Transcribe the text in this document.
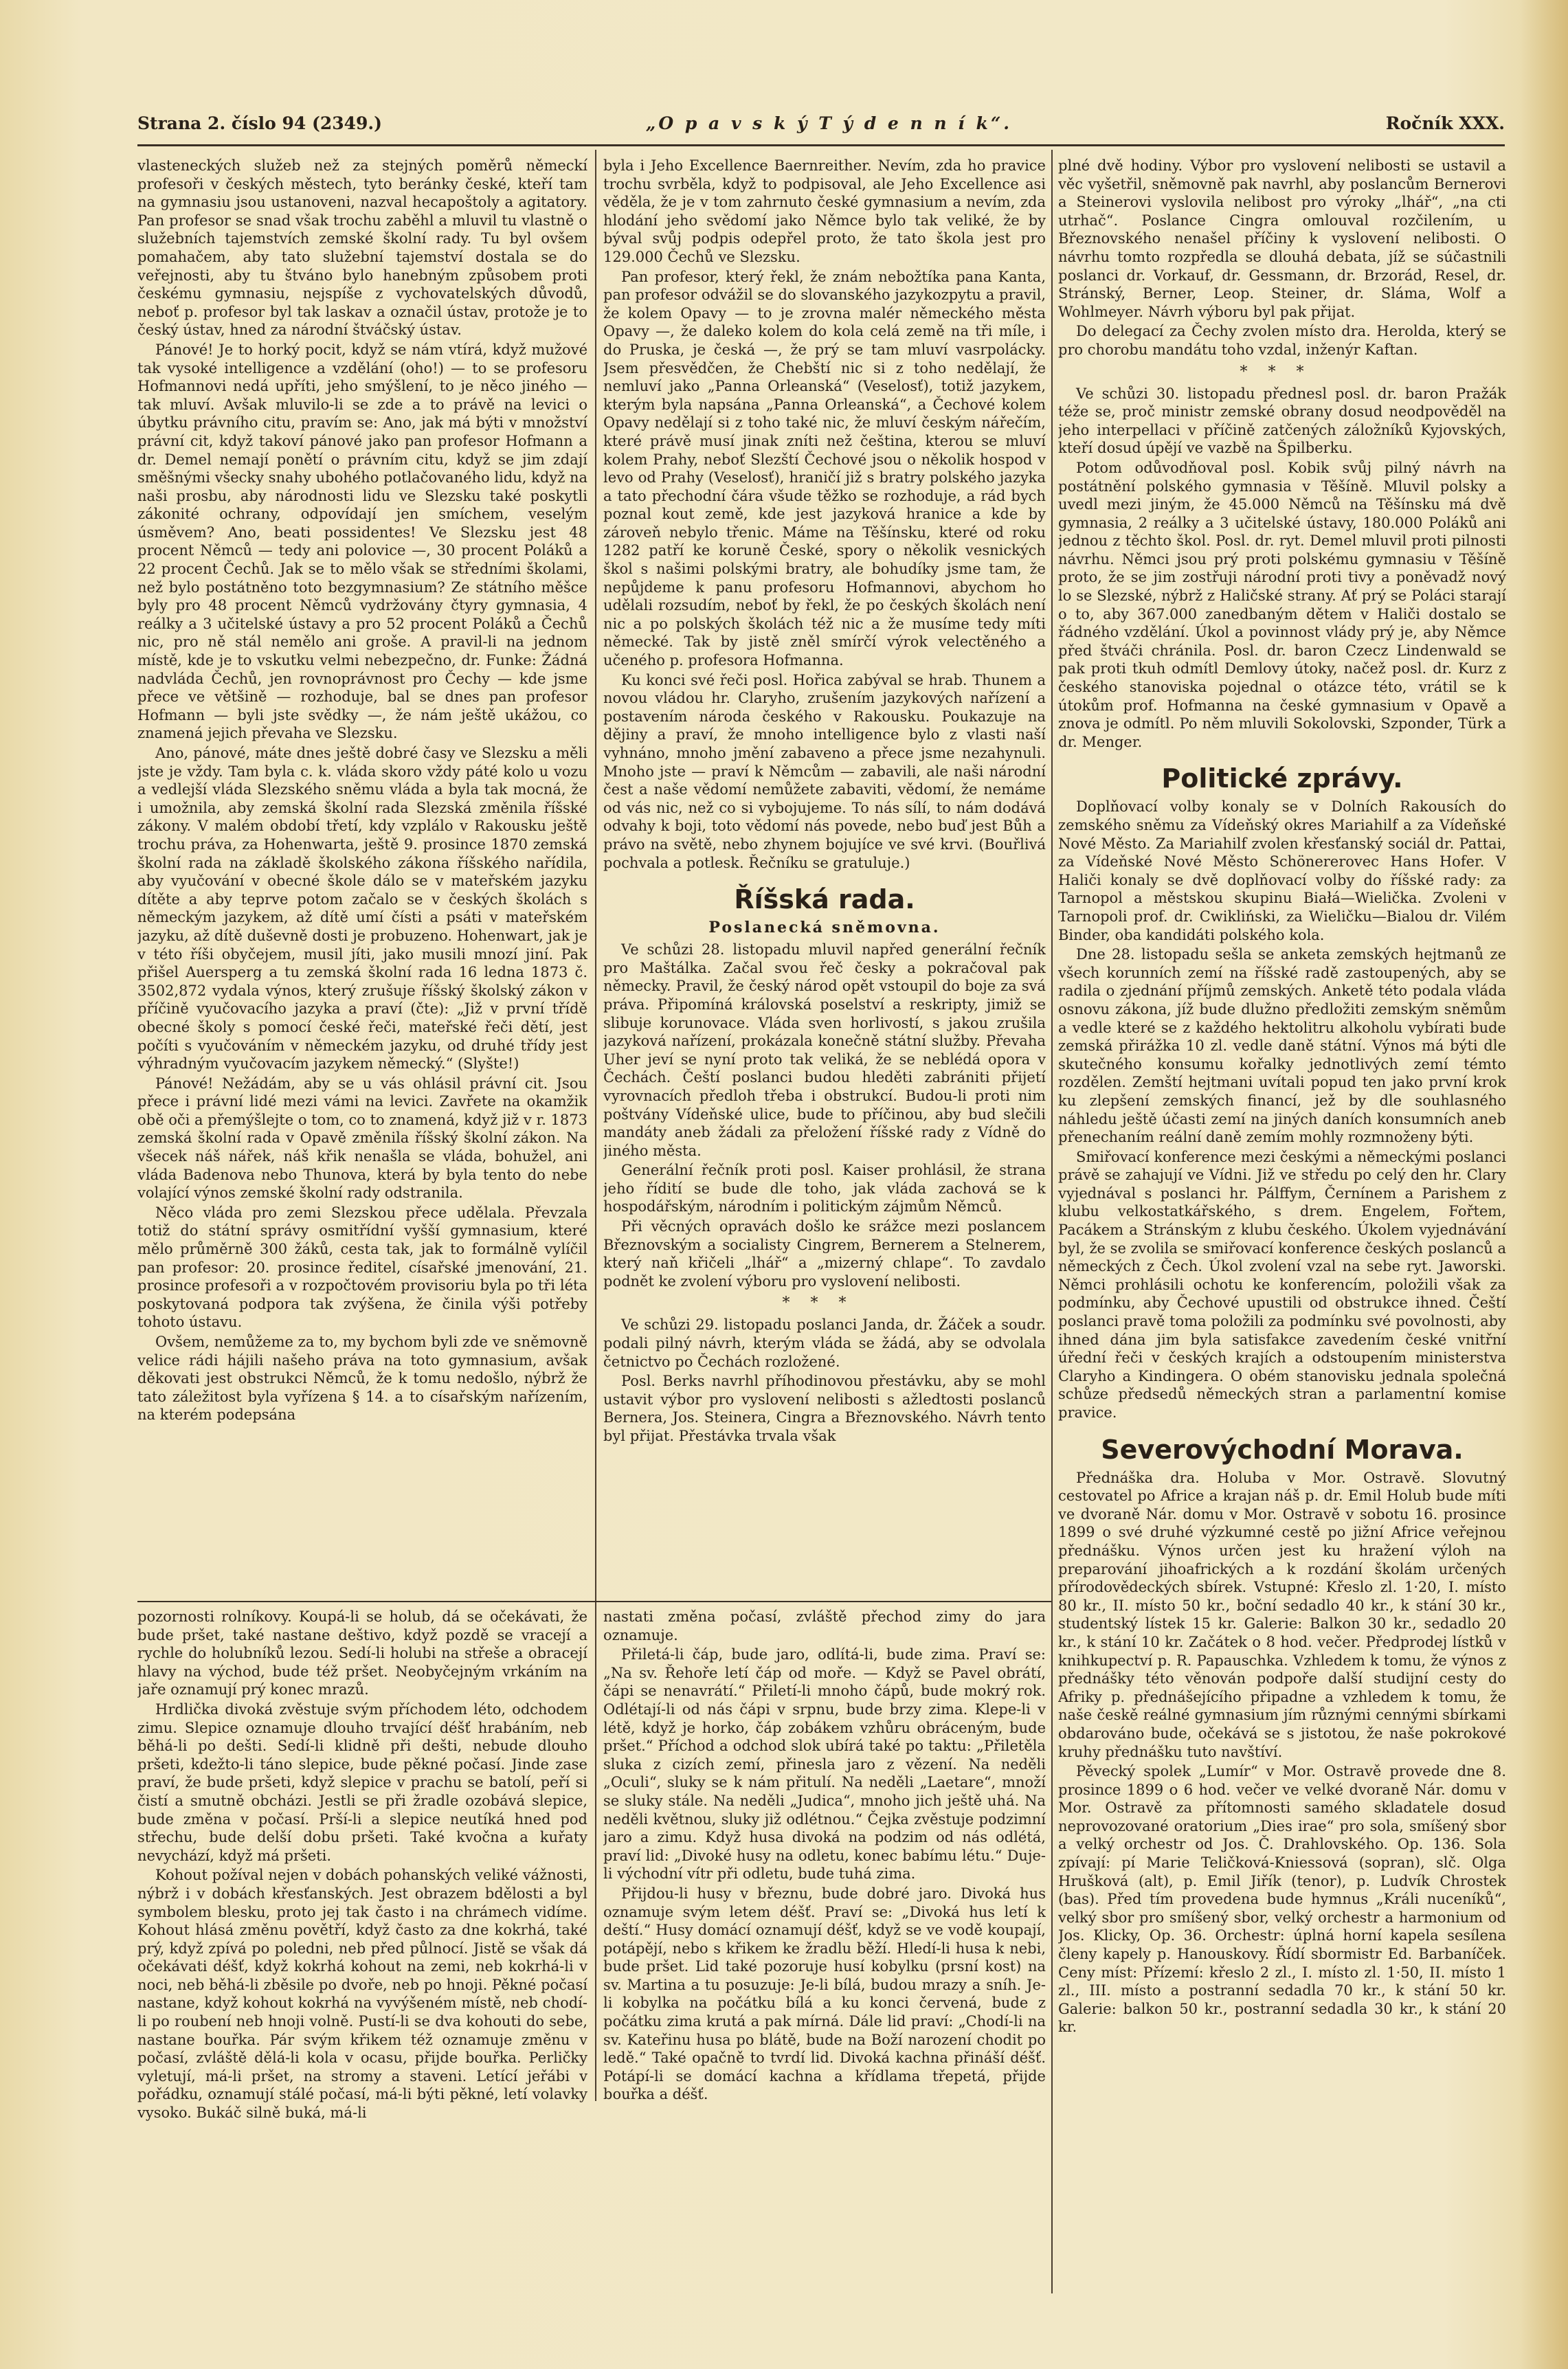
Strana 2. číslo 94 (2349.)	„O p a v s k ý T ý d e n n í k“.	Ročník XXX.

vlasteneckých služeb než za stejných poměrů německí profesoři v českých městech, tyto beránky české, kteří tam na gymnasiu jsou ustanoveni, nazval hecapoštoly a agitatory. Pan profesor se snad však trochu zaběhl a mluvil tu vlastně o služebních tajemstvích zemské školní rady. Tu byl ovšem pomahačem, aby tato služební tajemství dostala se do veřejnosti, aby tu štváno bylo hanebným způsobem proti českému gymnasiu, nejspíše z vychovatelských důvodů, neboť p. profesor byl tak laskav a označil ústav, protože je to český ústav, hned za národní štváčský ústav.

Pánové! Je to horký pocit, když se nám vtírá, když mužové tak vysoké intelligence a vzdělání (oho!) — to se profesoru Hofmannovi nedá upříti, jeho smýšlení, to je něco jiného — tak mluví. Avšak mluvilo-li se zde a to právě na levici o úbytku právního citu, pravím se: Ano, jak má býti v množství právní cit, když takoví pánové jako pan profesor Hofmann a dr. Demel nemají ponětí o právním citu, když se jim zdají směšnými všecky snahy ubohého potlačovaného lidu, když na naši prosbu, aby národnosti lidu ve Slezsku také poskytli zákonité ochrany, odpovídají jen smíchem, veselým úsměvem? Ano, beati possidentes! Ve Slezsku jest 48 procent Němců — tedy ani polovice —, 30 procent Poláků a 22 procent Čechů. Jak se to mělo však se středními školami, než bylo postátněno toto bezgymnasium? Ze státního měšce byly pro 48 procent Němců vydržovány čtyry gymnasia, 4 reálky a 3 učitelské ústavy a pro 52 procent Poláků a Čechů nic, pro ně stál nemělo ani groše. A pravil-li na jednom místě, kde je to vskutku velmi nebezpečno, dr. Funke: Žádná nadvláda Čechů, jen rovnoprávnost pro Čechy — kde jsme přece ve většině — rozhoduje, bal se dnes pan profesor Hofmann — byli jste svědky —, že nám ještě ukážou, co znamená jejich převaha ve Slezsku.

Ano, pánové, máte dnes ještě dobré časy ve Slezsku a měli jste je vždy. Tam byla c. k. vláda skoro vždy páté kolo u vozu a vedlejší vláda Slezského sněmu vláda a byla tak mocná, že i umožnila, aby zemská školní rada Slezská změnila říšské zákony. V malém období třetí, kdy vzplálo v Rakousku ještě trochu práva, za Hohenwarta, ještě 9. prosince 1870 zemská školní rada na základě školského zákona říšského nařídila, aby vyučování v obecné škole dálo se v mateřském jazyku dítěte a aby teprve potom začalo se v českých školách s německým jazykem, až dítě umí čísti a psáti v mateřském jazyku, až dítě duševně dosti je probuzeno. Hohenwart, jak je v této říši obyčejem, musil jíti, jako musili mnozí jiní. Pak přišel Auersperg a tu zemská školní rada 16 ledna 1873 č. 3502,872 vydala výnos, který zrušuje říšský školský zákon v příčině vyučovacího jazyka a praví (čte): „Již v první třídě obecné školy s pomocí české řeči, mateřské řeči dětí, jest počíti s vyučováním v německém jazyku, od druhé třídy jest výhradným vyučovacím jazykem německý.“ (Slyšte!)

Pánové! Nežádám, aby se u vás ohlásil právní cit. Jsou přece i právní lidé mezi vámi na levici. Zavřete na okamžik obě oči a přemýšlejte o tom, co to znamená, když již v r. 1873 zemská školní rada v Opavě změnila říšský školní zákon. Na všecek náš nářek, náš křik nenašla se vláda, bohužel, ani vláda Badenova nebo Thunova, která by byla tento do nebe volající výnos zemské školní rady odstranila.

Něco vláda pro zemi Slezskou přece udělala. Převzala totiž do státní správy osmitřídní vyšší gymnasium, které mělo průměrně 300 žáků, cesta tak, jak to formálně vylíčil pan profesor: 20. prosince ředitel, císařské jmenování, 21. prosince profesoři a v rozpočtovém provisoriu byla po tři léta poskytovaná podpora tak zvýšena, že činila výši potřeby tohoto ústavu.

Ovšem, nemůžeme za to, my bychom byli zde ve sněmovně velice rádi hájili našeho práva na toto gymnasium, avšak děkovati jest obstrukci Němců, že k tomu nedošlo, nýbrž že tato záležitost byla vyřízena § 14. a to císařským nařízením, na kterém podepsána

byla i Jeho Excellence Baernreither. Nevím, zda ho pravice trochu svrběla, když to podpisoval, ale Jeho Excellence asi věděla, že je v tom zahrnuto české gymnasium a nevím, zda hlodání jeho svědomí jako Němce bylo tak veliké, že by býval svůj podpis odepřel proto, že tato škola jest pro 129.000 Čechů ve Slezsku.

Pan profesor, který řekl, že znám nebožtíka pana Kanta, pan profesor odvážil se do slovanského jazykozpytu a pravil, že kolem Opavy — to je zrovna malér německého města Opavy —, že daleko kolem do kola celá země na tři míle, i do Pruska, je česká —, že prý se tam mluví vasrpolácky. Jsem přesvědčen, že Chebští nic si z toho nedělají, že nemluví jako „Panna Orleanská“ (Veselosť), totiž jazykem, kterým byla napsána „Panna Orleanská“, a Čechové kolem Opavy nedělají si z toho také nic, že mluví českým nářečím, které právě musí jinak zníti než čeština, kterou se mluví kolem Prahy, neboť Slezští Čechové jsou o několik hospod v levo od Prahy (Veselosť), hraničí již s bratry polského jazyka a tato přechodní čára všude těžko se rozhoduje, a rád bych poznal kout země, kde jest jazyková hranice a kde by zároveň nebylo třenic. Máme na Těšínsku, které od roku 1282 patří ke koruně České, spory o několik vesnických škol s našimi polskými bratry, ale bohudíky jsme tam, že nepůjdeme k panu profesoru Hofmannovi, abychom ho udělali rozsudím, neboť by řekl, že po českých školách není nic a po polských školách též nic a že musíme tedy míti německé. Tak by jistě zněl smírčí výrok velectěného a učeného p. profesora Hofmanna.

Ku konci své řeči posl. Hořica zabýval se hrab. Thunem a novou vládou hr. Claryho, zrušením jazykových nařízení a postavením národa českého v Rakousku. Poukazuje na dějiny a praví, že mnoho intelligence bylo z vlasti naší vyhnáno, mnoho jmění zabaveno a přece jsme nezahynuli. Mnoho jste — praví k Němcům — zabavili, ale naši národní čest a naše vědomí nemůžete zabaviti, vědomí, že nemáme od vás nic, než co si vybojujeme. To nás sílí, to nám dodává odvahy k boji, toto vědomí nás povede, nebo buď jest Bůh a právo na světě, nebo zhynem bojujíce ve své krvi. (Bouřlivá pochvala a potlesk. Řečníku se gratuluje.)

Říšská rada.
Poslanecká sněmovna.

Ve schůzi 28. listopadu mluvil napřed generální řečník pro Maštálka. Začal svou řeč česky a pokračoval pak německy. Pravil, že český národ opět vstoupil do boje za svá práva. Připomíná královská poselství a reskripty, jimiž se slibuje korunovace. Vláda sven horlivostí, s jakou zrušila jazyková nařízení, prokázala konečně státní služby. Převaha Uher jeví se nyní proto tak veliká, že se neblédá opora v Čechách. Čeští poslanci budou hleděti zabrániti přijetí vyrovnacích předloh třeba i obstrukcí. Budou-li proti nim poštvány Vídeňské ulice, bude to příčinou, aby bud slečili mandáty aneb žádali za přeložení říšské rady z Vídně do jiného města.

Generální řečník proti posl. Kaiser prohlásil, že strana jeho řídití se bude dle toho, jak vláda zachová se k hospodářským, národním i politickým zájmům Němců.

Při věcných opravách došlo ke srážce mezi poslancem Březnovským a socialisty Cingrem, Bernerem a Stelnerem, který naň křičeli „lhář“ a „mizerný chlape“. To zavdalo podnět ke zvolení výboru pro vyslovení nelibosti.

***

Ve schůzi 29. listopadu poslanci Janda, dr. Žáček a soudr. podali pilný návrh, kterým vláda se žádá, aby se odvolala četnictvo po Čechách rozložené.

Posl. Berks navrhl příhodinovou přestávku, aby se mohl ustavit výbor pro vyslovení nelibosti s ažledtosti poslanců Bernera, Jos. Steinera, Cingra a Březnovského. Návrh tento byl přijat. Přestávka trvala však

plné dvě hodiny. Výbor pro vyslovení nelibosti se ustavil a věc vyšetřil, sněmovně pak navrhl, aby poslancům Bernerovi a Steinerovi vyslovila nelibost pro výroky „lhář“, „na cti utrhač“. Poslance Cingra omlouval rozčilením, u Březnovského nenašel příčiny k vyslovení nelibosti. O návrhu tomto rozpředla se dlouhá debata, jíž se súčastnili poslanci dr. Vorkauf, dr. Gessmann, dr. Brzorád, Resel, dr. Stránský, Berner, Leop. Steiner, dr. Sláma, Wolf a Wohlmeyer. Návrh výboru byl pak přijat.

Do delegací za Čechy zvolen místo dra. Herolda, který se pro chorobu mandátu toho vzdal, inženýr Kaftan.

***

Ve schůzi 30. listopadu přednesl posl. dr. baron Pražák téže se, proč ministr zemské obrany dosud neodpověděl na jeho interpellaci v příčině zatčených záložníků Kyjovských, kteří dosud úpějí ve vazbě na Špilberku.

Potom odůvodňoval posl. Kobik svůj pilný návrh na postátnění polského gymnasia v Těšíně. Mluvil polsky a uvedl mezi jiným, že 45.000 Němců na Těšínsku má dvě gymnasia, 2 reálky a 3 učitelské ústavy, 180.000 Poláků ani jednou z těchto škol. Posl. dr. ryt. Demel mluvil proti pilnosti návrhu. Němci jsou prý proti polskému gymnasiu v Těšíně proto, že se jim zostřuji národní proti tivy a poněvadž nový lo se Slezské, nýbrž z Haličské strany. Ať prý se Poláci starají o to, aby 367.000 zanedbaným dětem v Haliči dostalo se řádného vzdělání. Úkol a povinnost vlády prý je, aby Němce před štváči chránila. Posl. dr. baron Czecz Lindenwald se pak proti tkuh odmítl Demlovy útoky, načež posl. dr. Kurz z českého stanoviska pojednal o otázce této, vrátil se k útokům prof. Hofmanna na české gymnasium v Opavě a znova je odmítl. Po něm mluvili Sokolovski, Szponder, Türk a dr. Menger.

Politické zprávy.

Doplňovací volby konaly se v Dolních Rakousích do zemského sněmu za Vídeňský okres Mariahilf a za Vídeňské Nové Město. Za Mariahilf zvolen křesťanský sociál dr. Pattai, za Vídeňské Nové Město Schönererovec Hans Hofer. V Haliči konaly se dvě doplňovací volby do říšské rady: za Tarnopol a městskou skupinu Białá—Wielička. Zvoleni v Tarnopoli prof. dr. Cwikliński, za Wieličku—Bialou dr. Vilém Binder, oba kandidáti polského kola.

Dne 28. listopadu sešla se anketa zemských hejtmanů ze všech korunních zemí na říšské radě zastoupených, aby se radila o zjednání příjmů zemských. Anketě této podala vláda osnovu zákona, jíž bude dlužno předložiti zemským sněmům a vedle které se z každého hektolitru alkoholu vybírati bude zemská přirážka 10 zl. vedle daně státní. Výnos má býti dle skutečného konsumu kořalky jednotlivých zemí témto rozdělen. Zemští hejtmani uvítali popud ten jako první krok ku zlepšení zemských financí, jež by dle souhlasného náhledu ještě účasti zemí na jiných daních konsumních aneb přenechaním reální daně zemím mohly rozmnoženy býti.

Smiřovací konference mezi českými a německými poslanci právě se zahajují ve Vídni. Již ve středu po celý den hr. Clary vyjednával s poslanci hr. Pálffym, Černínem a Parishem z klubu velkostatkářského, s drem. Engelem, Fořtem, Pacákem a Stránským z klubu českého. Úkolem vyjednávání byl, že se zvolila se smiřovací konference českých poslanců a německých z Čech. Úkol zvolení vzal na sebe ryt. Jaworski. Němci prohlásili ochotu ke konferencím, položili však za podmínku, aby Čechové upustili od obstrukce ihned. Čeští poslanci pravě toma položili za podmínku své povolnosti, aby ihned dána jim byla satisfakce zavedením české vnitřní úřední řeči v českých krajích a odstoupením ministerstva Claryho a Kindingera. O obém stanovisku jednala společná schůze předsedů německých stran a parlamentní komise pravice.

Severovýchodní Morava.

Přednáška dra. Holuba v Mor. Ostravě. Slovutný cestovatel po Africe a krajan náš p. dr. Emil Holub bude míti ve dvoraně Nár. domu v Mor. Ostravě v sobotu 16. prosince 1899 o své druhé výzkumné cestě po jižní Africe veřejnou přednášku. Výnos určen jest ku hražení výloh na preparování jihoafrických a k rozdání školám určených přírodovědeckých sbírek. Vstupné: Křeslo zl. 1·20, I. místo 80 kr., II. místo 50 kr., boční sedadlo 40 kr., k stání 30 kr., studentský lístek 15 kr. Galerie: Balkon 30 kr., sedadlo 20 kr., k stání 10 kr. Začátek o 8 hod. večer. Předprodej lístků v knihkupectví p. R. Papauschka. Vzhledem k tomu, že výnos z přednášky této věnován podpoře další studijní cesty do Afriky p. přednášejícího připadne a vzhledem k tomu, že naše českě reálné gymnasium jím různými cennými sbírkami obdarováno bude, očekává se s jistotou, že naše pokrokové kruhy přednášku tuto navštíví.

Pěvecký spolek „Lumír“ v Mor. Ostravě provede dne 8. prosince 1899 o 6 hod. večer ve velké dvoraně Nár. domu v Mor. Ostravě za přítomnosti samého skladatele dosud neprovozované oratorium „Dies irae“ pro sola, smíšený sbor a velký orchestr od Jos. Č. Drahlovského. Op. 136. Sola zpívají: pí Marie Teličková-Kniessová (sopran), slč. Olga Hrušková (alt), p. Emil Jiřík (tenor), p. Ludvík Chrostek (bas). Před tím provedena bude hymnus „Králi nuceníků“, velký sbor pro smíšený sbor, velký orchestr a harmonium od Jos. Klicky, Op. 36. Orchestr: úplná horní kapela sesílena členy kapely p. Hanouskovy. Řídí sbormistr Ed. Barbaníček. Ceny míst: Přízemí: křeslo 2 zl., I. místo zl. 1·50, II. místo 1 zl., III. místo a postranní sedadla 70 kr., k stání 50 kr. Galerie: balkon 50 kr., postranní sedadla 30 kr., k stání 20 kr.

pozornosti rolníkovy. Koupá-li se holub, dá se očekávati, že bude pršet, také nastane deštivo, když pozdě se vracejí a rychle do holubníků lezou. Sedí-li holubi na střeše a obracejí hlavy na východ, bude též pršet. Neobyčejným vrkáním na jaře oznamují prý konec mrazů.

Hrdlička divoká zvěstuje svým příchodem léto, odchodem zimu. Slepice oznamuje dlouho trvající déšť hrabáním, neb běhá-li po dešti. Sedí-li klidně při dešti, nebude dlouho pršeti, kdežto-li táno slepice, bude pěkné počasí. Jinde zase praví, že bude pršeti, když slepice v prachu se batolí, peří si čistí a smutně obcházi. Jestli se při žradle ozobává slepice, bude změna v počasí. Prší-li a slepice neutíká hned pod střechu, bude delší dobu pršeti. Také kvočna a kuřaty nevychází, když má pršeti.

Kohout požíval nejen v dobách pohanských veliké vážnosti, nýbrž i v dobách křesťanských. Jest obrazem bdělosti a byl symbolem blesku, proto jej tak často i na chrámech vidíme. Kohout hlásá změnu povětří, když často za dne kokrhá, také prý, když zpívá po poledni, neb před půlnocí. Jistě se však dá očekávati déšť, když kokrhá kohout na zemi, neb kokrhá-li v noci, neb běhá-li zběsile po dvoře, neb po hnoji. Pěkné počasí nastane, když kohout kokrhá na vyvýšeném místě, neb chodí-li po roubení neb hnoji volně. Pustí-li se dva kohouti do sebe, nastane bouřka. Pár svým křikem též oznamuje změnu v počasí, zvláště dělá-li kola v ocasu, přijde bouřka. Perličky vyletují, má-li pršet, na stromy a staveni. Letící jeřábi v pořádku, oznamují stálé počasí, má-li býti pěkné, letí volavky vysoko. Bukáč silně buká, má-li

nastati změna počasí, zvláště přechod zimy do jara oznamuje.

Přiletá-li čáp, bude jaro, odlítá-li, bude zima. Praví se: „Na sv. Řehoře letí čáp od moře. — Když se Pavel obrátí, čápi se nenavrátí.“ Přiletí-li mnoho čápů, bude mokrý rok. Odlétají-li od nás čápi v srpnu, bude brzy zima. Klepe-li v létě, když je horko, čáp zobákem vzhůru obráceným, bude pršet.“ Příchod a odchod slok ubírá také po taktu: „Přiletěla sluka z cizích zemí, přinesla jaro z vězení. Na neděli „Oculi“, sluky se k nám přitulí. Na neděli „Laetare“, množí se sluky stále. Na neděli „Judica“, mnoho jich ještě uhá. Na neděli květnou, sluky již odlétnou.“ Čejka zvěstuje podzimní jaro a zimu. Když husa divoká na podzim od nás odlétá, praví lid: „Divoké husy na odletu, konec babímu létu.“ Duje-li východní vítr při odletu, bude tuhá zima.

Přijdou-li husy v březnu, bude dobré jaro. Divoká hus oznamuje svým letem déšť. Praví se: „Divoká hus letí k deští.“ Husy domácí oznamují déšť, když se ve vodě koupají, potápějí, nebo s křikem ke žradlu běží. Hledí-li husa k nebi, bude pršet. Lid také pozoruje husí kobylku (prsní kost) na sv. Martina a tu posuzuje: Je-li bílá, budou mrazy a sníh. Je-li kobylka na počátku bílá a ku konci červená, bude z počátku zima krutá a pak mírná. Dále lid praví: „Chodí-li na sv. Kateřinu husa po blátě, bude na Boží narození chodit po ledě.“ Také opačně to tvrdí lid. Divoká kachna přináší déšť. Potápí-li se domácí kachna a křídlama třepetá, přijde bouřka a déšť.
